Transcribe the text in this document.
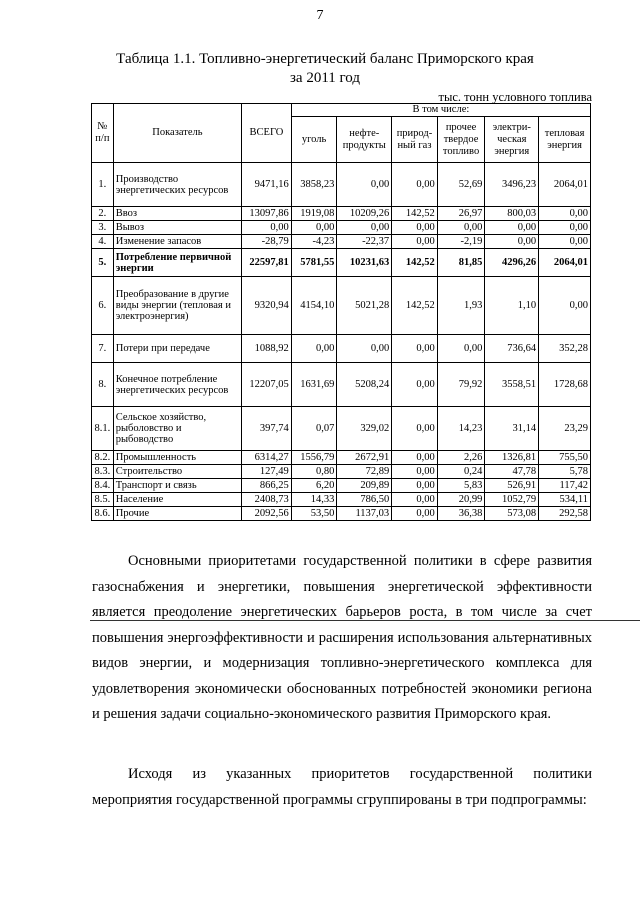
7
Таблица 1.1. Топливно-энергетический баланс Приморского края
за 2011 год
тыс. тонн условного топлива
№ п/п	Показатель	ВСЕГО	В том числе:					
			уголь	нефте-продукты	природ-ный газ	прочее твердое топливо	электри-ческая энергия	тепловая энергия
1.	Производство энергетических ресурсов	9471,16	3858,23	0,00	0,00	52,69	3496,23	2064,01
2.	Ввоз	13097,86	1919,08	10209,26	142,52	26,97	800,03	0,00
3.	Вывоз	0,00	0,00	0,00	0,00	0,00	0,00	0,00
4.	Изменение запасов	-28,79	-4,23	-22,37	0,00	-2,19	0,00	0,00
5.	Потребление первичной энергии	22597,81	5781,55	10231,63	142,52	81,85	4296,26	2064,01
6.	Преобразование в другие виды энергии (тепловая и электроэнергия)	9320,94	4154,10	5021,28	142,52	1,93	1,10	0,00
7.	Потери при передаче	1088,92	0,00	0,00	0,00	0,00	736,64	352,28
8.	Конечное потребление энергетических ресурсов	12207,05	1631,69	5208,24	0,00	79,92	3558,51	1728,68
8.1.	Сельское хозяйство, рыболовство и рыбоводство	397,74	0,07	329,02	0,00	14,23	31,14	23,29
8.2.	Промышленность	6314,27	1556,79	2672,91	0,00	2,26	1326,81	755,50
8.3.	Строительство	127,49	0,80	72,89	0,00	0,24	47,78	5,78
8.4.	Транспорт и связь	866,25	6,20	209,89	0,00	5,83	526,91	117,42
8.5.	Население	2408,73	14,33	786,50	0,00	20,99	1052,79	534,11
8.6.	Прочие	2092,56	53,50	1137,03	0,00	36,38	573,08	292,58
Основными приоритетами государственной политики в сфере развития газоснабжения и энергетики, повышения энергетической эффективности является преодоление энергетических барьеров роста, в том числе за счет повышения энергоэффективности и расширения использования альтернативных видов энергии, и модернизация топливно-энергетического комплекса для удовлетворения экономически обоснованных потребностей экономики региона и решения задачи социально-экономического развития Приморского края.
Исходя из указанных приоритетов государственной политики мероприятия государственной программы сгруппированы в три подпрограммы:
